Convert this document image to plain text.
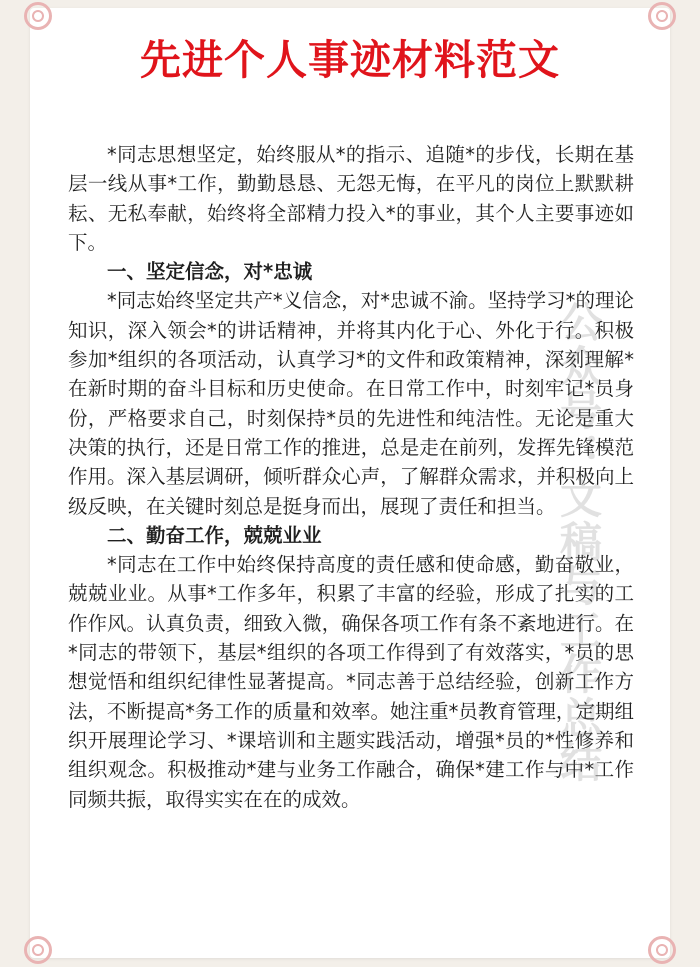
先进个人事迹材料范文

*同志思想坚定，始终服从*的指示、追随*的步伐，长期在基层一线从事*工作，勤勤恳恳、无怨无悔，在平凡的岗位上默默耕耘、无私奉献，始终将全部精力投入*的事业，其个人主要事迹如下。

一、坚定信念，对*忠诚

*同志始终坚定共产*义信念，对*忠诚不渝。坚持学习*的理论知识，深入领会*的讲话精神，并将其内化于心、外化于行。积极参加*组织的各项活动，认真学习*的文件和政策精神，深刻理解*在新时期的奋斗目标和历史使命。在日常工作中，时刻牢记*员身份，严格要求自己，时刻保持*员的先进性和纯洁性。无论是重大决策的执行，还是日常工作的推进，总是走在前列，发挥先锋模范作用。深入基层调研，倾听群众心声，了解群众需求，并积极向上级反映，在关键时刻总是挺身而出，展现了责任和担当。

二、勤奋工作，兢兢业业

*同志在工作中始终保持高度的责任感和使命感，勤奋敬业，兢兢业业。从事*工作多年，积累了丰富的经验，形成了扎实的工作作风。认真负责，细致入微，确保各项工作有条不紊地进行。在*同志的带领下，基层*组织的各项工作得到了有效落实，*员的思想觉悟和组织纪律性显著提高。*同志善于总结经验，创新工作方法，不断提高*务工作的质量和效率。她注重*员教育管理，定期组织开展理论学习、*课培训和主题实践活动，增强*员的*性修养和组织观念。积极推动*建与业务工作融合，确保*建工作与中*工作同频共振，取得实实在在的成效。

公众号：文稿与工作总结
